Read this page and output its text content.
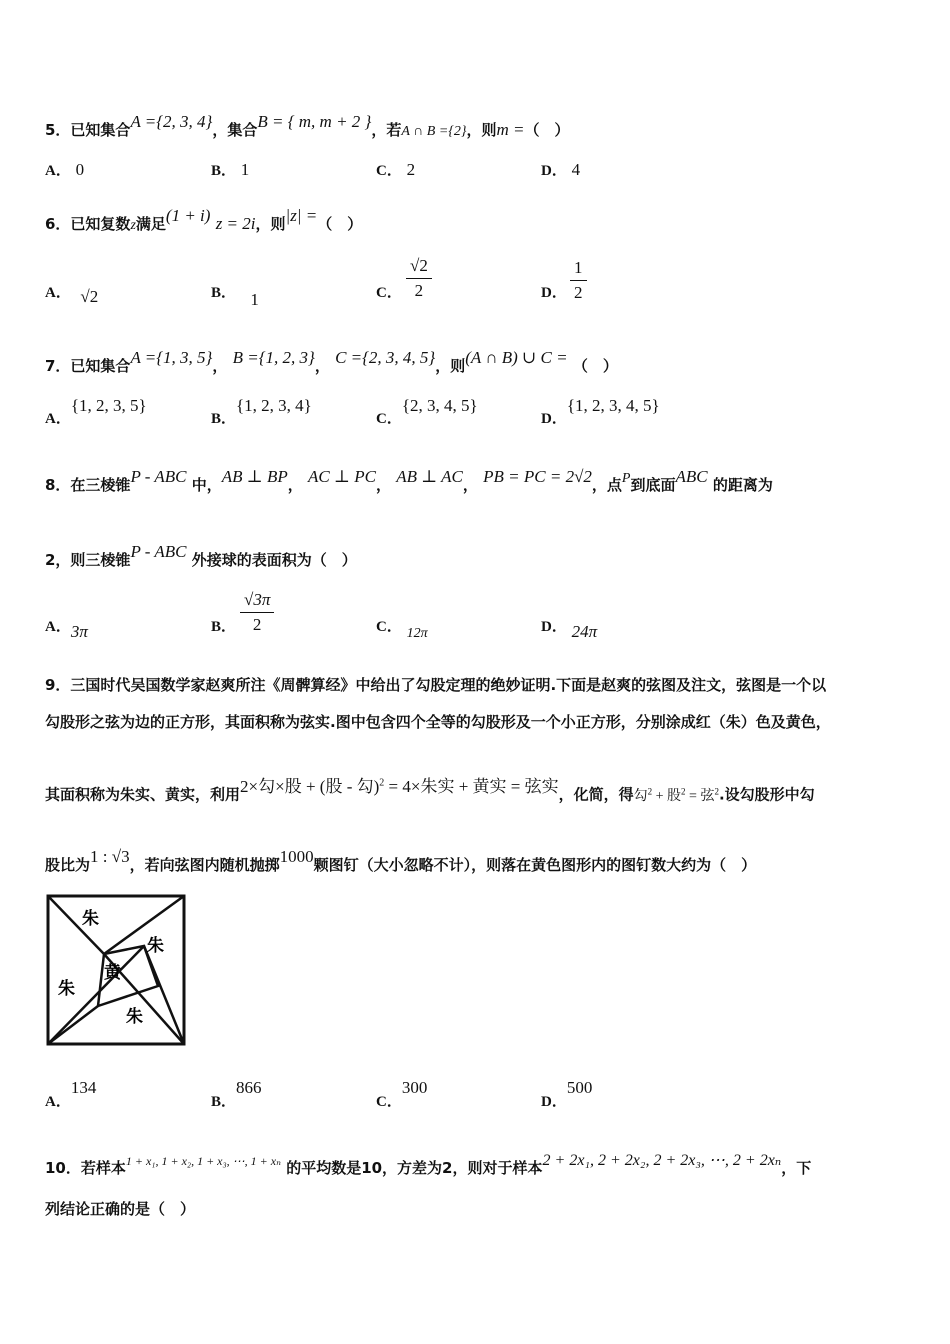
5．已知集合A ={2, 3, 4}，集合B = { m, m + 2 }，若A ∩ B ={2}，则m =（　）
A． 0	B． 1	C． 2	D． 4
6．已知复数z满足(1 + i) z = 2i，则|z| =（　）
A． √2	B． 1	C． $\frac{√2}{2}$	D． $\frac{1}{2}$
7．已知集合A ={1, 3, 5}， B ={1, 2, 3}， C ={2, 3, 4, 5}，则(A ∩ B) ∪ C = （　）
A．{1, 2, 3, 5}
B．{1, 2, 3, 4}
C．{2, 3, 4, 5}
D．{1, 2, 3, 4, 5}
8．在三棱锥P - ABC 中，AB ⊥ BP， AC ⊥ PC， AB ⊥ AC， PB = PC = 2√2，点P到底面ABC 的距离为
2，则三棱锥P - ABC 外接球的表面积为（　）
A．3π	B． $\frac{√3\pi}{2}$	C． 12π	D． 24π
9．三国时代吴国数学家赵爽所注《周髀算经》中给出了勾股定理的绝妙证明.下面是赵爽的弦图及注文，弦图是一个以
勾股形之弦为边的正方形，其面积称为弦实.图中包含四个全等的勾股形及一个小正方形，分别涂成红（朱）色及黄色，
其面积称为朱实、黄实，利用2×勾×股 + (股 - 勾)$^2$ = 4×朱实 + 黄实 = 弦实，化简，得勾$^2$ + 股$^2$ = 弦$^2$.设勾股形中勾
股比为1 : √3，若向弦图内随机抛掷1000颗图钉（大小忽略不计），则落在黄色图形内的图钉数大约为（　）
朱
朱
朱
朱
黄
A．134
B．866
C．300
D．500
10．若样本$^{1 + x_1, 1 + x_2, 1 + x_3, \cdots, 1 + x_n}$ 的平均数是10，方差为2，则对于样本2 + 2x₁, 2 + 2x₂, 2 + 2x₃, ⋯, 2 + 2xₙ，下
列结论正确的是（　）
